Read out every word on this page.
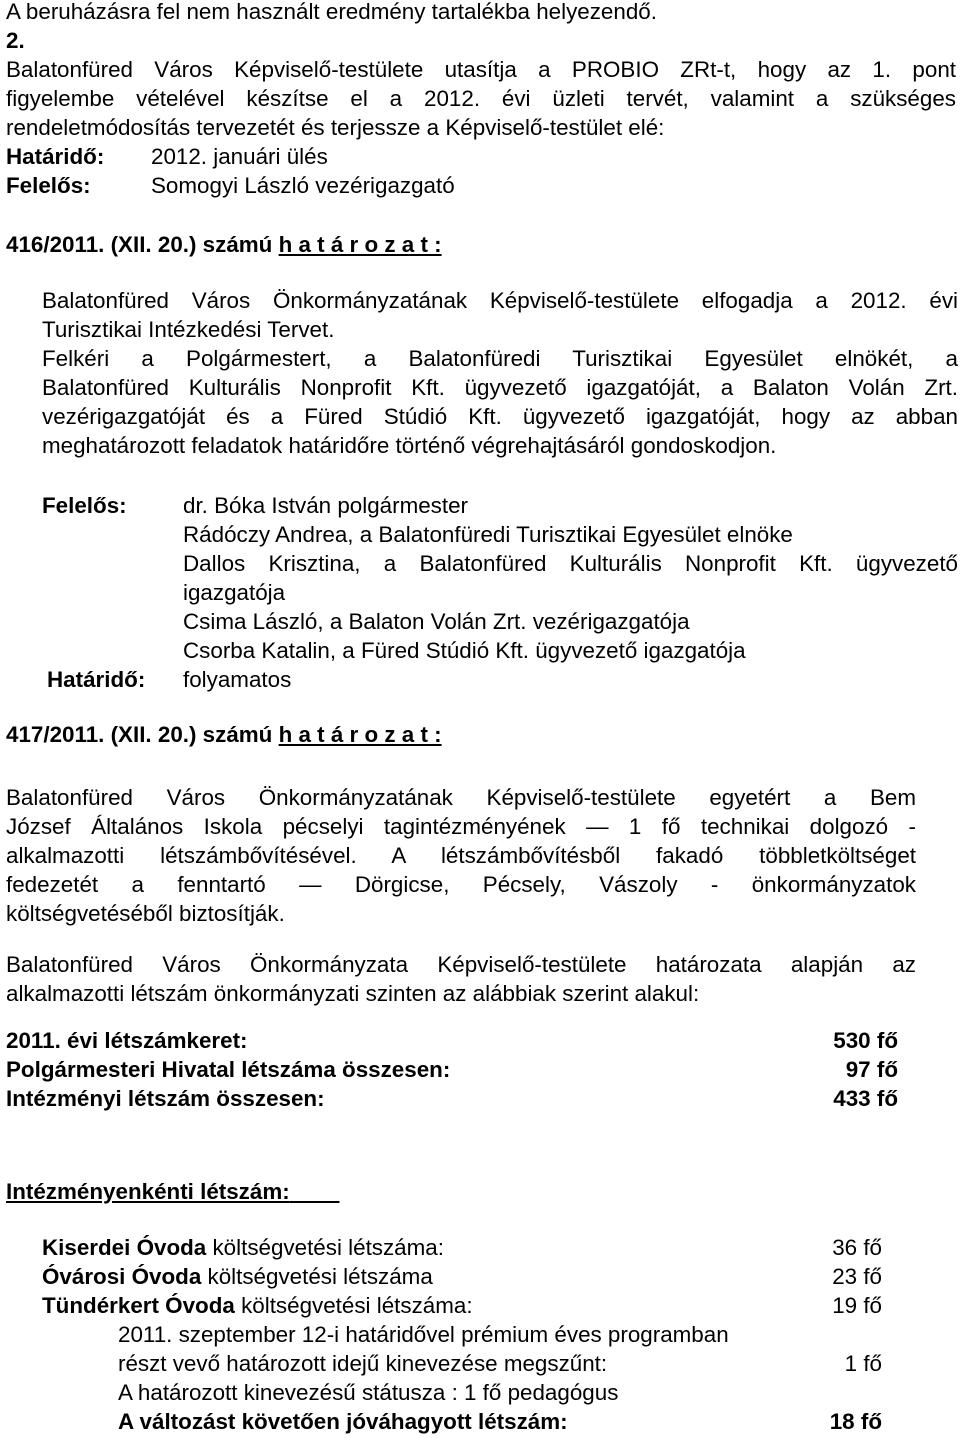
A beruházásra fel nem használt eredmény tartalékba helyezendő.
2.
Balatonfüred Város Képviselő-testülete utasítja a PROBIO ZRt-t, hogy az 1. pont
figyelembe vételével készítse el a 2012. évi üzleti tervét, valamint a szükséges
rendeletmódosítás tervezetét és terjessze a Képviselő-testület elé:
Határidő: 2012. januári ülés
Felelős:	Somogyi László vezérigazgató
416/2011. (XII. 20.) számú h a t á r o z a t :
Balatonfüred Város Önkormányzatának Képviselő-testülete elfogadja a 2012. évi
Turisztikai Intézkedési Tervet.
Felkéri a Polgármestert, a Balatonfüredi Turisztikai Egyesület elnökét, a
Balatonfüred Kulturális Nonprofit Kft. ügyvezető igazgatóját, a Balaton Volán Zrt.
vezérigazgatóját és a Füred Stúdió Kft. ügyvezető igazgatóját, hogy az abban
meghatározott feladatok határidőre történő végrehajtásáról gondoskodjon.
Felelős:	dr. Bóka István polgármester
Rádóczy Andrea, a Balatonfüredi Turisztikai Egyesület elnöke
Dallos Krisztina, a Balatonfüred Kulturális Nonprofit Kft. ügyvezető
igazgatója
Csima László, a Balaton Volán Zrt. vezérigazgatója
Csorba Katalin, a Füred Stúdió Kft. ügyvezető igazgatója
Határidő: folyamatos
417/2011. (XII. 20.) számú h a t á r o z a t :
Balatonfüred Város Önkormányzatának Képviselő-testülete egyetért a Bem
József Általános Iskola pécselyi tagintézményének — 1 fő technikai dolgozó -
alkalmazotti létszámbővítésével. A létszámbővítésből fakadó többletköltséget
fedezetét a fenntartó — Dörgicse, Pécsely, Vászoly - önkormányzatok
költségvetéséből biztosítják.
Balatonfüred Város Önkormányzata Képviselő-testülete határozata alapján az
alkalmazotti létszám önkormányzati szinten az alábbiak szerint alakul:
2011. évi létszámkeret:	530 fő
Polgármesteri Hivatal létszáma összesen:	97 fő
Intézményi létszám összesen:	433 fő
Intézményenkénti létszám:
Kiserdei Óvoda költségvetési létszáma:	36 fő
Óvárosi Óvoda költségvetési létszáma	23 fő
Tündérkert Óvoda költségvetési létszáma:	19 fő
2011. szeptember 12-i határidővel prémium éves programban
részt vevő határozott idejű kinevezése megszűnt:	1 fő
A határozott kinevezésű státusza : 1 fő pedagógus
A változást követően jóváhagyott létszám:	18 fő
